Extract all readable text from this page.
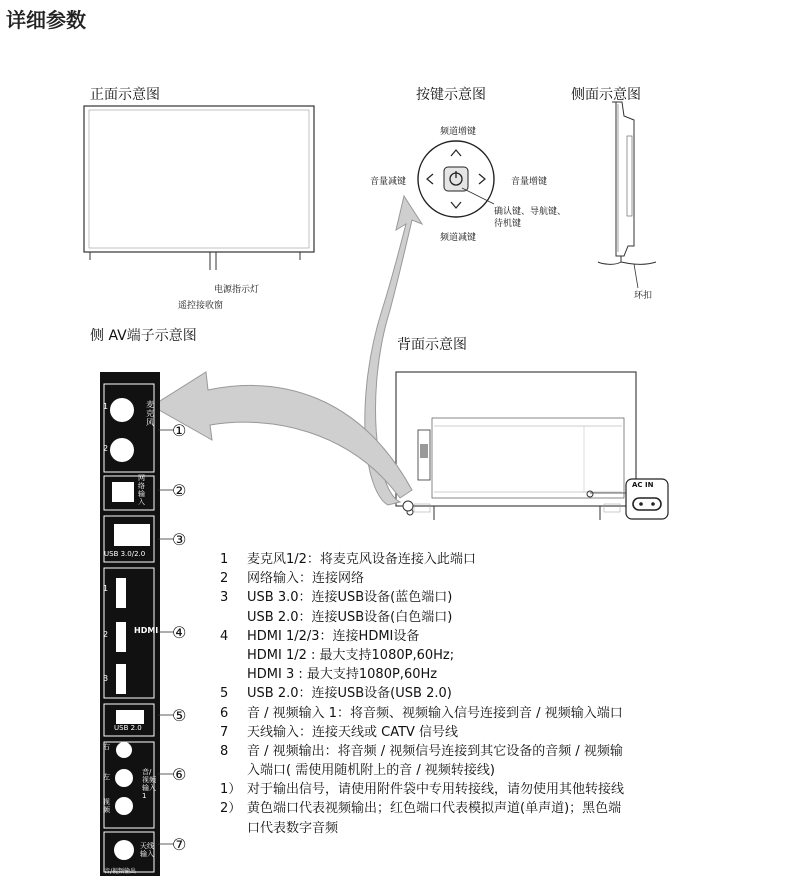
详细参数
正面示意图	按键示意图	侧面示意图
侧 AV端子示意图
背面示意图
电源指示灯
遥控接收窗
频道增键
频道减键
音量减键	音量增键
确认键、导航键、
待机键
环扣
AC IN
1
2
麦克风
网络输入
USB 3.0/2.0
HDMI
1
2
3
USB 2.0
右
左
视频
音/视频输入1
天线输入
音/视频输出
①
②
③
④
⑤
⑥
⑦
1 麦克风1/2：将麦克风设备连接入此端口
2 网络输入：连接网络
3 USB 3.0：连接USB设备(蓝色端口)
USB 2.0：连接USB设备(白色端口)
4 HDMI 1/2/3：连接HDMI设备
HDMI 1/2 : 最大支持1080P,60Hz;
HDMI 3 : 最大支持1080P,60Hz
5 USB 2.0：连接USB设备(USB 2.0)
6 音 / 视频输入 1：将音频、视频输入信号连接到音 / 视频输入端口
7 天线输入：连接天线或 CATV 信号线
8 音 / 视频输出：将音频 / 视频信号连接到其它设备的音频 / 视频输
入端口( 需使用随机附上的音 / 视频转接线)
1） 对于输出信号，请使用附件袋中专用转接线，请勿使用其他转接线
2） 黄色端口代表视频输出；红色端口代表模拟声道(单声道)；黑色端
口代表数字音频
